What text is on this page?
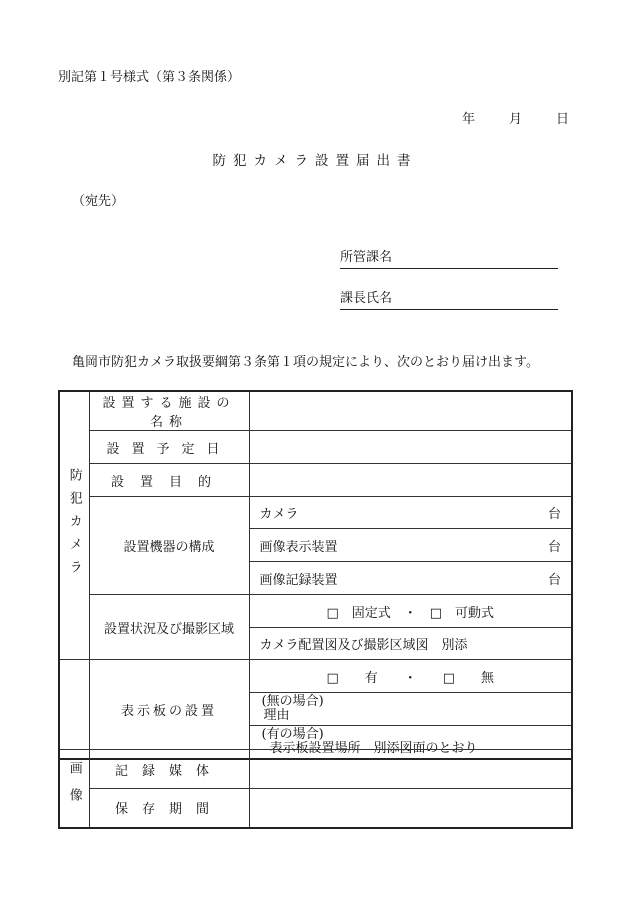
別記第１号様式（第３条関係）
年	月	日
防犯カメラ設置届出書
（宛先）
所管課名
課長氏名
亀岡市防犯カメラ取扱要綱第３条第１項の規定により、次のとおり届け出ます。
防犯カメラ	設置する施設の名称	
	設置予定日	
	設置目的	
	設置機器の構成	カメラ 台

		画像表示装置 台

		画像記録装置 台

	設置状況及び撮影区域	□　固定式　・　□　可動式
		カメラ配置図及び撮影区域図　別添
	表示板の設置	□　　有　　・　　□　　無

		(無の場合)
理由

		(有の場合)
表示板設置場所　別添図面のとおり
画像	記録媒体	
	保存期間	
